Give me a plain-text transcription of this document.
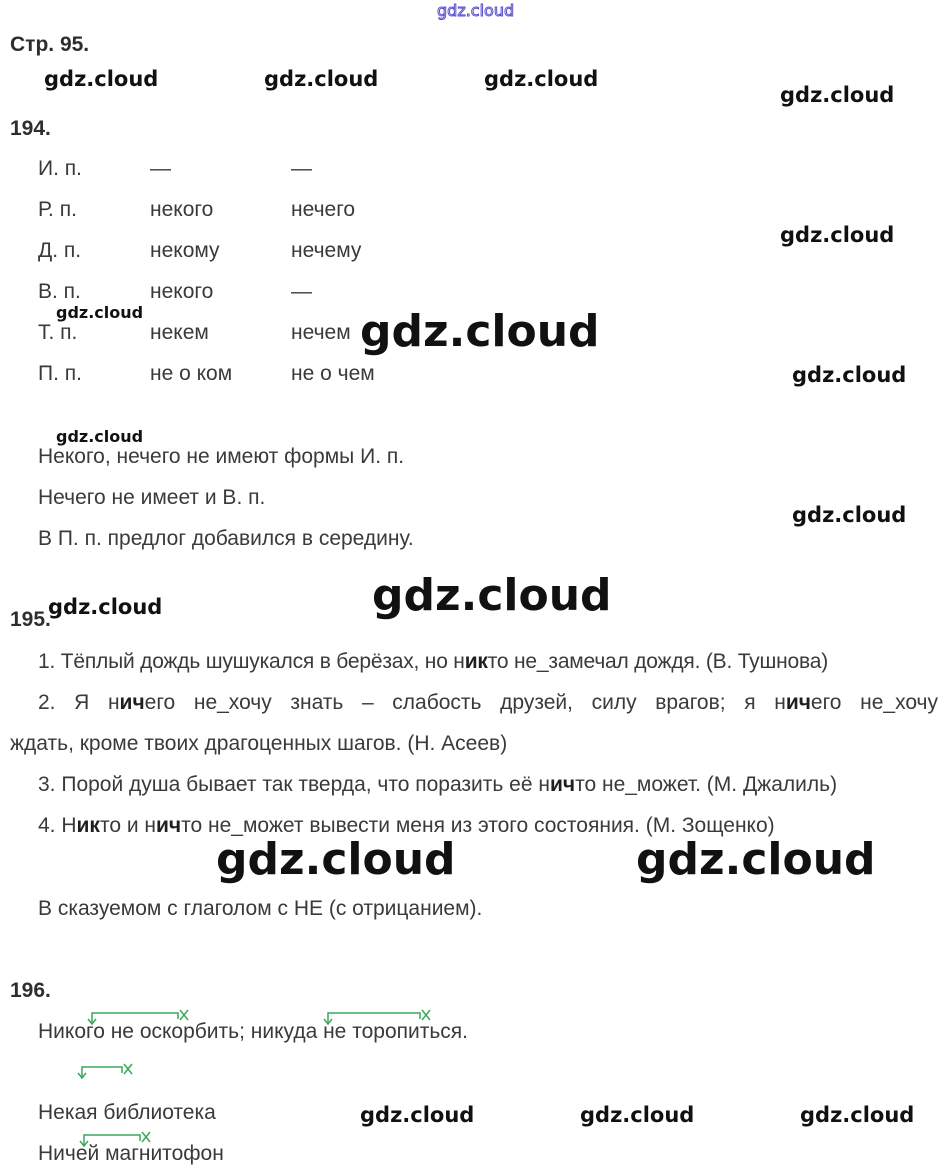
gdz.cloud
Стр. 95.
gdz.cloud	gdz.cloud	gdz.cloud
gdz.cloud
194.
И. п.	—	—
Р. п.	некого	нечего
Д. п.	некому	нечему
В. п.	некого	—
Т. п.	некем	нечем
П. п.	не о ком	не о чем
gdz.cloud
gdz.cloud	gdz.cloud
gdz.cloud
gdz.cloud
Некого, нечего не имеют формы И. п.
Нечего не имеет и В. п.
В П. п. предлог добавился в середину.
gdz.cloud
195.
gdz.cloud	gdz.cloud
1. Тёплый дождь шушукался в берёзах, но никто не_замечал дождя. (В. Тушнова)
2. Я ничего не_хочу знать – слабость друзей, силу врагов; я ничего не_хочу
ждать, кроме твоих драгоценных шагов. (Н. Асеев)
3. Порой душа бывает так тверда, что поразить её ничто не_может. (М. Джалиль)
4. Никто и ничто не_может вывести меня из этого состояния. (М. Зощенко)
gdz.cloud	gdz.cloud
В сказуемом с глаголом с НЕ (с отрицанием).
196.
Никого не оскорбить; никуда не торопиться.
Некая библиотека	gdz.cloud	gdz.cloud	gdz.cloud
Ничей магнитофон
